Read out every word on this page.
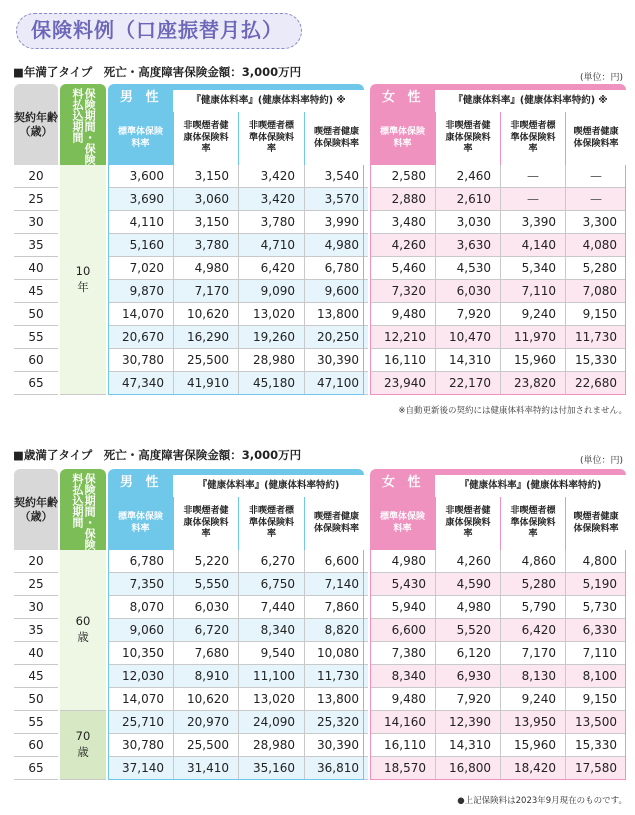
保険料例（口座振替月払）
■年満了タイプ　死亡・高度障害保険金額：3,000万円	(単位：円)
契約年齢（歳）	保険期間・保険料払込期間
10
年
男 性	『健康体料率』(健康体料率特約) ※	女 性	『健康体料率』(健康体料率特約) ※
標準体保険料率
非喫煙者健康体保険料率
非喫煙者標準体保険料率
喫煙者健康体保険料率
標準体保険料率
非喫煙者健康体保険料率
非喫煙者標準体保険料率
喫煙者健康体保険料率
20	3,600	3,150	3,420	3,540	2,580	2,460	—	—
25	3,690	3,060	3,420	3,570	2,880	2,610	—	—
30	4,110	3,150	3,780	3,990	3,480	3,030	3,390	3,300
35	5,160	3,780	4,710	4,980	4,260	3,630	4,140	4,080
40	7,020	4,980	6,420	6,780	5,460	4,530	5,340	5,280
45	9,870	7,170	9,090	9,600	7,320	6,030	7,110	7,080
50	14,070	10,620	13,020	13,800	9,480	7,920	9,240	9,150
55	20,670	16,290	19,260	20,250	12,210	10,470	11,970	11,730
60	30,780	25,500	28,980	30,390	16,110	14,310	15,960	15,330
65	47,340	41,910	45,180	47,100	23,940	22,170	23,820	22,680
※自動更新後の契約には健康体料率特約は付加されません。
■歳満了タイプ　死亡・高度障害保険金額：3,000万円	(単位：円)
契約年齢（歳）	保険期間・保険料払込期間
60
歳
70
歳
男 性	『健康体料率』(健康体料率特約)	女 性	『健康体料率』(健康体料率特約)
標準体保険料率
非喫煙者健康体保険料率
非喫煙者標準体保険料率
喫煙者健康体保険料率
標準体保険料率
非喫煙者健康体保険料率
非喫煙者標準体保険料率
喫煙者健康体保険料率
20	6,780	5,220	6,270	6,600	4,980	4,260	4,860	4,800
25	7,350	5,550	6,750	7,140	5,430	4,590	5,280	5,190
30	8,070	6,030	7,440	7,860	5,940	4,980	5,790	5,730
35	9,060	6,720	8,340	8,820	6,600	5,520	6,420	6,330
40	10,350	7,680	9,540	10,080	7,380	6,120	7,170	7,110
45	12,030	8,910	11,100	11,730	8,340	6,930	8,130	8,100
50	14,070	10,620	13,020	13,800	9,480	7,920	9,240	9,150
55	25,710	20,970	24,090	25,320	14,160	12,390	13,950	13,500
60	30,780	25,500	28,980	30,390	16,110	14,310	15,960	15,330
65	37,140	31,410	35,160	36,810	18,570	16,800	18,420	17,580
●上記保険料は2023年9月現在のものです。
